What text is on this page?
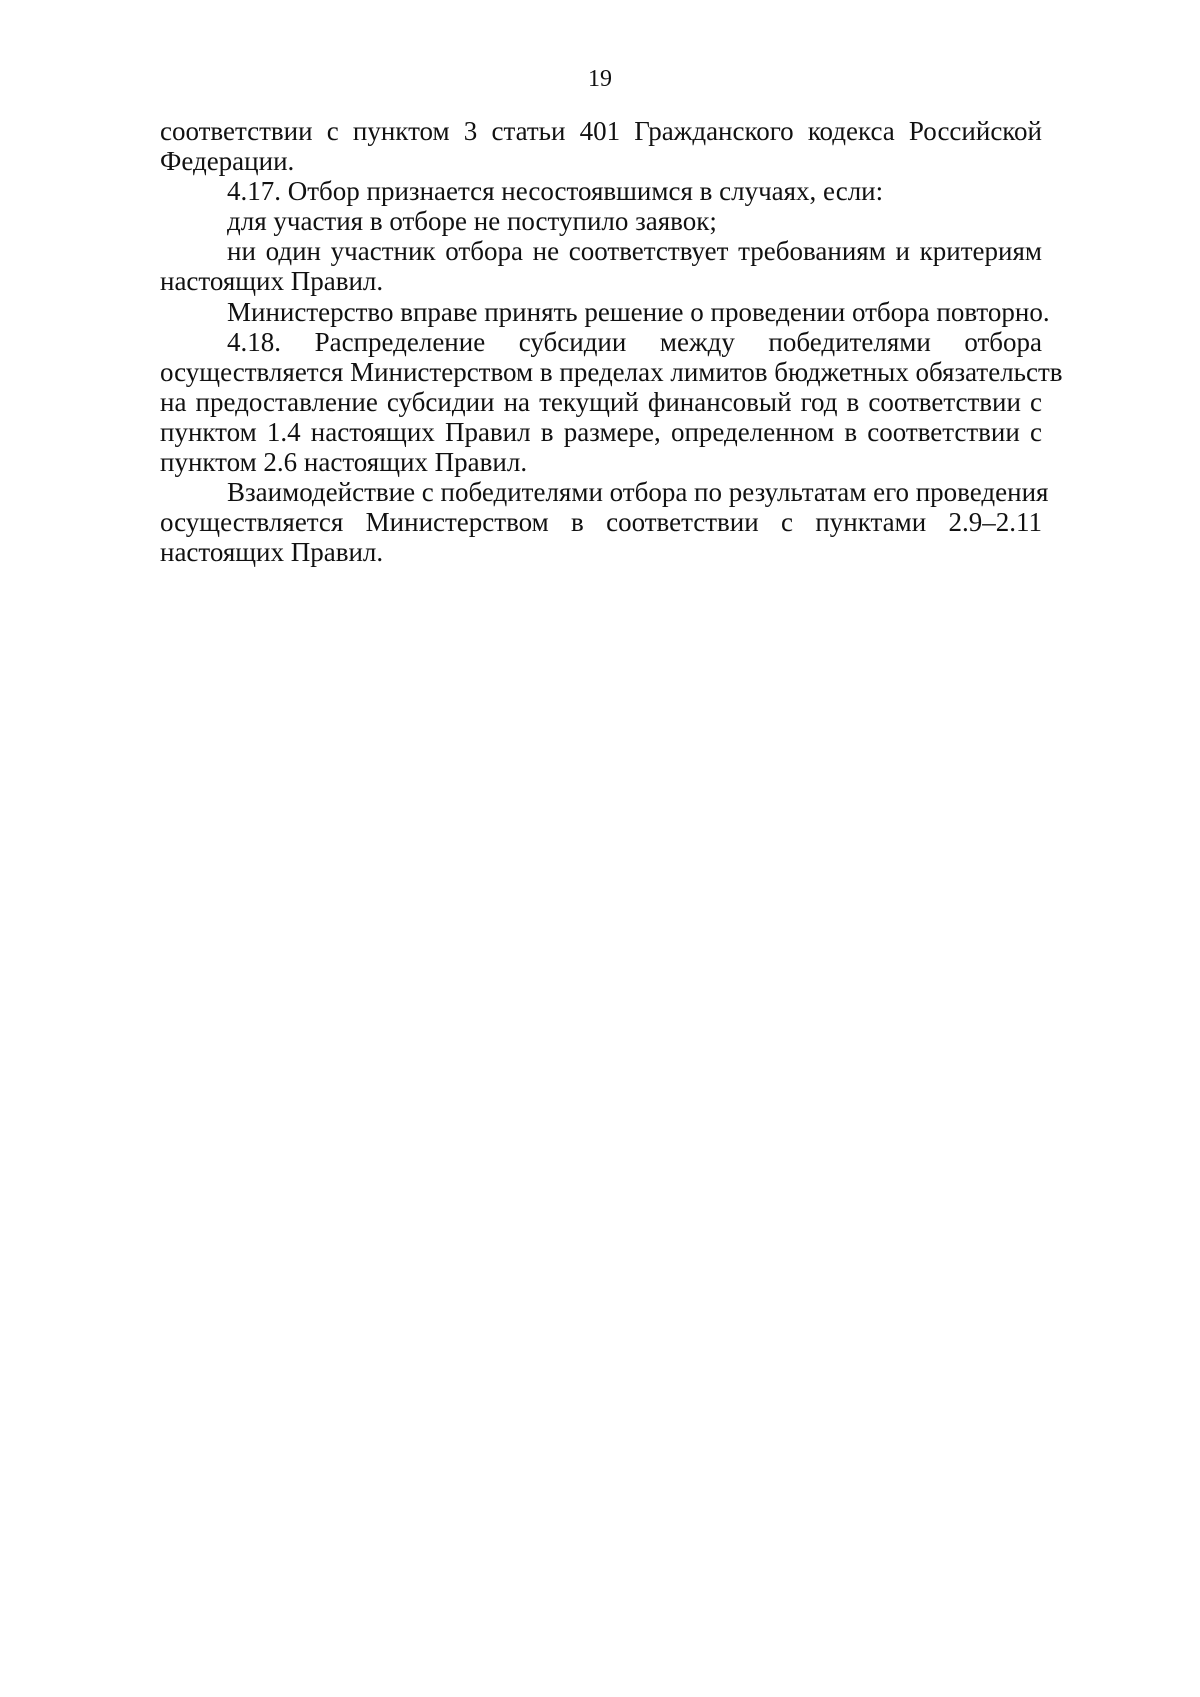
19
соответствии с пунктом 3 статьи 401 Гражданского кодекса Российской
Федерации.
4.17. Отбор признается несостоявшимся в случаях, если:
для участия в отборе не поступило заявок;
ни один участник отбора не соответствует требованиям и критериям
настоящих Правил.
Министерство вправе принять решение о проведении отбора повторно.
4.18. Распределение субсидии между победителями отбора
осуществляется Министерством в пределах лимитов бюджетных обязательств
на предоставление субсидии на текущий финансовый год в соответствии с
пунктом 1.4 настоящих Правил в размере, определенном в соответствии с
пунктом 2.6 настоящих Правил.
Взаимодействие с победителями отбора по результатам его проведения
осуществляется Министерством в соответствии с пунктами 2.9–2.11
настоящих Правил.
